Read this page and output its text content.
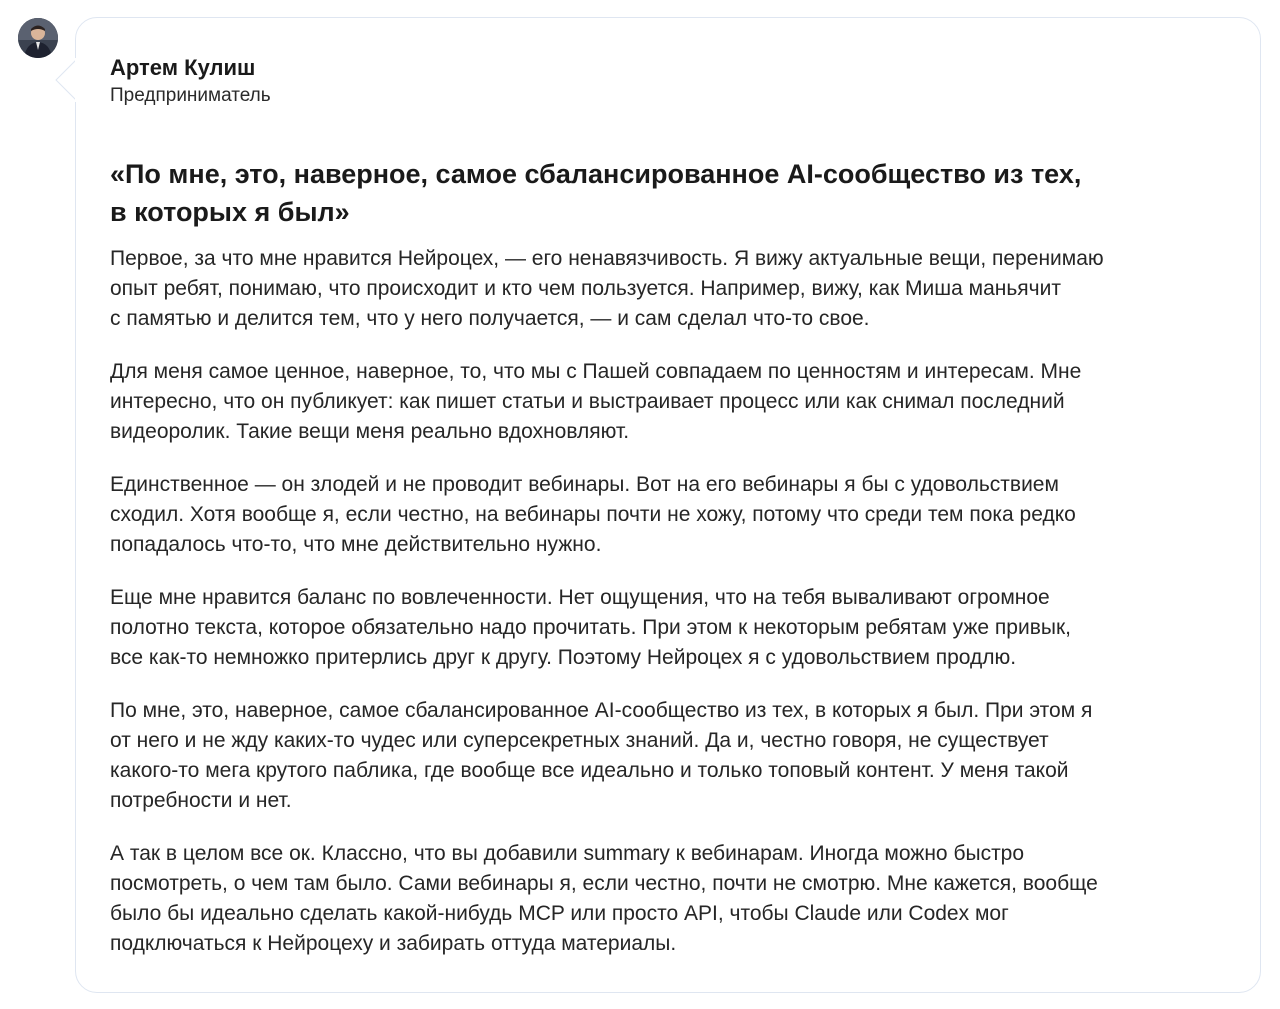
Артем Кулиш
Предприниматель
«По мне, это, наверное, самое сбалансированное AI-сообщество из тех,
в которых я был»

Первое, за что мне нравится Нейроцех, — его ненавязчивость. Я вижу актуальные вещи, перенимаю
опыт ребят, понимаю, что происходит и кто чем пользуется. Например, вижу, как Миша маньячит
с памятью и делится тем, что у него получается, — и сам сделал что-то свое.

Для меня самое ценное, наверное, то, что мы с Пашей совпадаем по ценностям и интересам. Мне
интересно, что он публикует: как пишет статьи и выстраивает процесс или как снимал последний
видеоролик. Такие вещи меня реально вдохновляют.

Единственное — он злодей и не проводит вебинары. Вот на его вебинары я бы с удовольствием
сходил. Хотя вообще я, если честно, на вебинары почти не хожу, потому что среди тем пока редко
попадалось что-то, что мне действительно нужно.

Еще мне нравится баланс по вовлеченности. Нет ощущения, что на тебя вываливают огромное
полотно текста, которое обязательно надо прочитать. При этом к некоторым ребятам уже привык,
все как-то немножко притерлись друг к другу. Поэтому Нейроцех я с удовольствием продлю.

По мне, это, наверное, самое сбалансированное AI-сообщество из тех, в которых я был. При этом я
от него и не жду каких-то чудес или суперсекретных знаний. Да и, честно говоря, не существует
какого-то мега крутого паблика, где вообще все идеально и только топовый контент. У меня такой
потребности и нет.

А так в целом все ок. Классно, что вы добавили summary к вебинарам. Иногда можно быстро
посмотреть, о чем там было. Сами вебинары я, если честно, почти не смотрю. Мне кажется, вообще
было бы идеально сделать какой-нибудь MCP или просто API, чтобы Claude или Codex мог
подключаться к Нейроцеху и забирать оттуда материалы.
